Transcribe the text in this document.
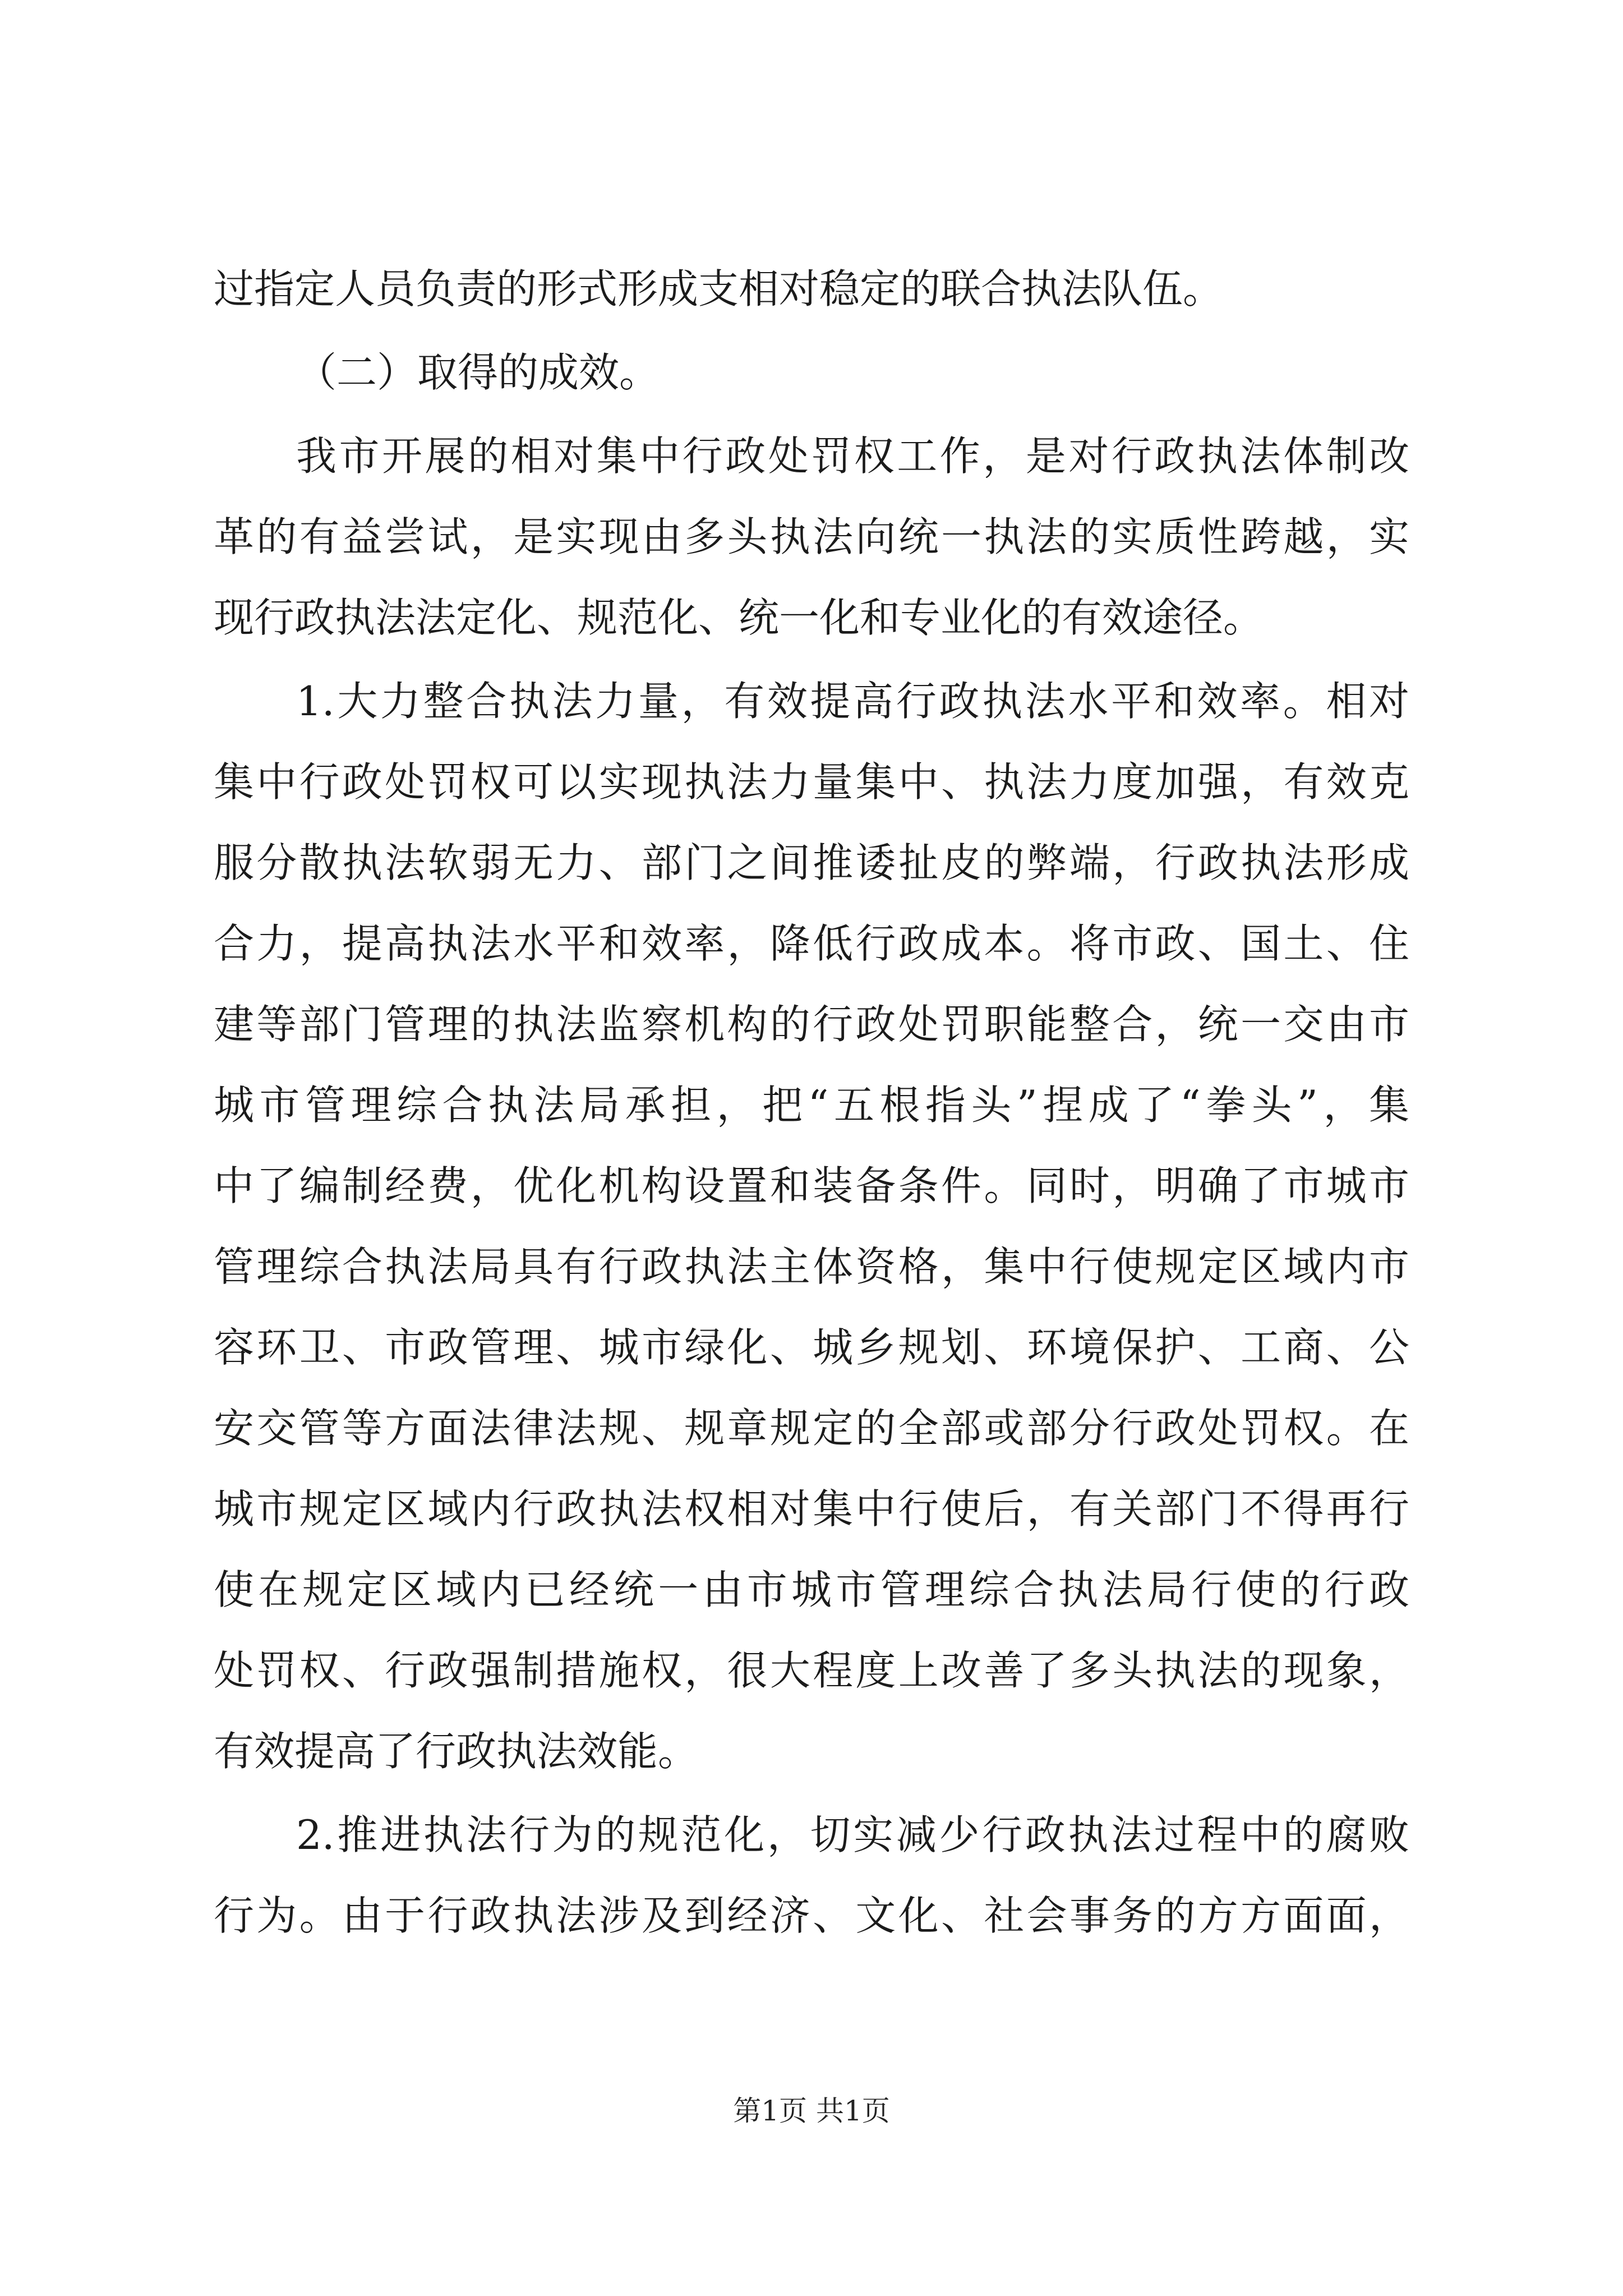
过指定人员负责的形式形成支相对稳定的联合执法队伍。
（二）取得的成效。
我市开展的相对集中行政处罚权工作，是对行政执法体制改
革的有益尝试，是实现由多头执法向统一执法的实质性跨越，实
现行政执法法定化、规范化、统一化和专业化的有效途径。
1.大力整合执法力量，有效提高行政执法水平和效率。相对
集中行政处罚权可以实现执法力量集中、执法力度加强，有效克
服分散执法软弱无力、部门之间推诿扯皮的弊端，行政执法形成
合力，提高执法水平和效率，降低行政成本。将市政、国土、住
建等部门管理的执法监察机构的行政处罚职能整合，统一交由市
城市管理综合执法局承担，把“五根指头”捏成了“拳头”，集
中了编制经费，优化机构设置和装备条件。同时，明确了市城市
管理综合执法局具有行政执法主体资格，集中行使规定区域内市
容环卫、市政管理、城市绿化、城乡规划、环境保护、工商、公
安交管等方面法律法规、规章规定的全部或部分行政处罚权。在
城市规定区域内行政执法权相对集中行使后，有关部门不得再行
使在规定区域内已经统一由市城市管理综合执法局行使的行政
处罚权、行政强制措施权，很大程度上改善了多头执法的现象，
有效提高了行政执法效能。
2.推进执法行为的规范化，切实减少行政执法过程中的腐败
行为。由于行政执法涉及到经济、文化、社会事务的方方面面，
第1页 共1页
